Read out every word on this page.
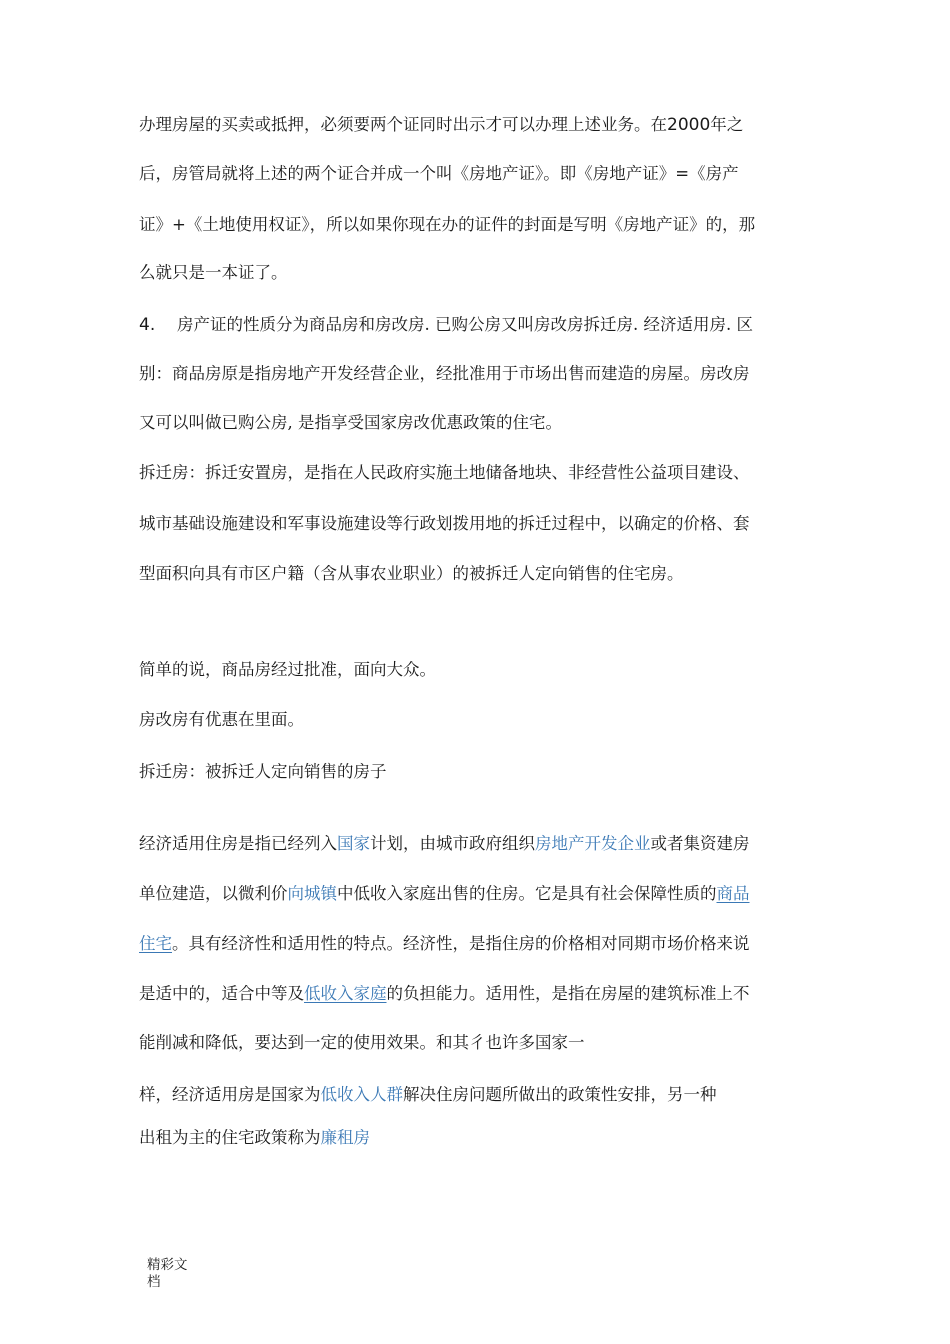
办理房屋的买卖或抵押，必须要两个证同时出示才可以办理上述业务。在2000年之
后，房管局就将上述的两个证合并成一个叫《房地产证》。即《房地产证》=《房产
证》+《土地使用权证》，所以如果你现在办的证件的封面是写明《房地产证》的，那
么就只是一本证了。
4. 房产证的性质分为商品房和房改房. 已购公房又叫房改房拆迁房. 经济适用房. 区
别：商品房原是指房地产开发经营企业，经批准用于市场出售而建造的房屋。房改房
又可以叫做已购公房, 是指享受国家房改优惠政策的住宅。
拆迁房：拆迁安置房，是指在人民政府实施土地储备地块、非经营性公益项目建设、
城市基础设施建设和军事设施建设等行政划拨用地的拆迁过程中，以确定的价格、套
型面积向具有市区户籍（含从事农业职业）的被拆迁人定向销售的住宅房。
简单的说，商品房经过批准，面向大众。
房改房有优惠在里面。
拆迁房：被拆迁人定向销售的房子
经济适用住房是指已经列入国家计划，由城市政府组织房地产开发企业或者集资建房
单位建造，以微利价向城镇中低收入家庭出售的住房。它是具有社会保障性质的商品
住宅。具有经济性和适用性的特点。经济性，是指住房的价格相对同期市场价格来说
是适中的，适合中等及低收入家庭的负担能力。适用性，是指在房屋的建筑标准上不
能削减和降低，要达到一定的使用效果。和其彳也许多国家一
样，经济适用房是国家为低收入人群解决住房问题所做出的政策性安排，另一种
出租为主的住宅政策称为廉租房
精彩文
档
